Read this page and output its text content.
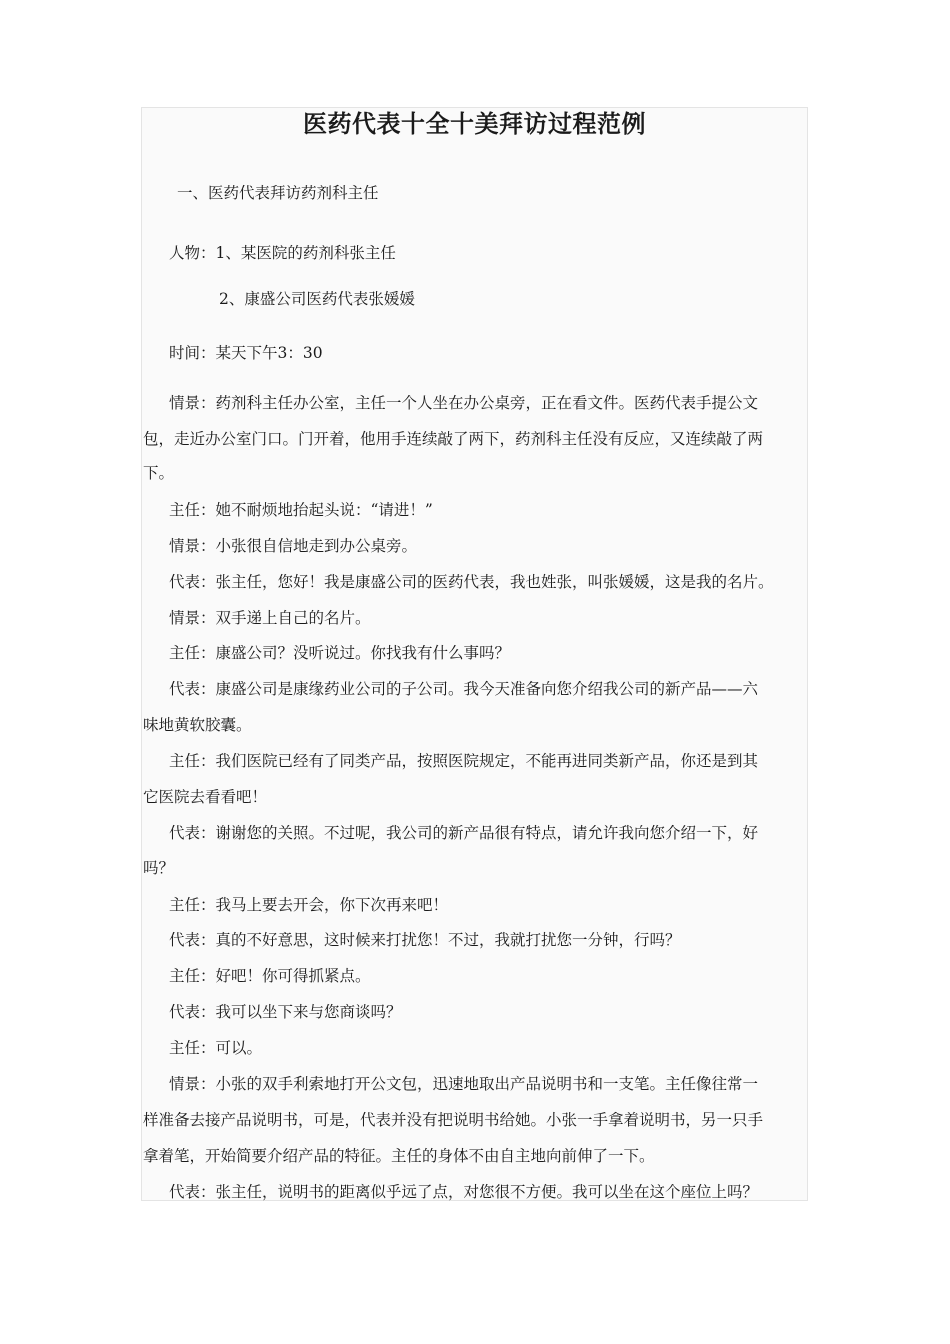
医药代表十全十美拜访过程范例
一、医药代表拜访药剂科主任
人物：1、某医院的药剂科张主任
2、康盛公司医药代表张媛媛
时间：某天下午3：30
情景：药剂科主任办公室，主任一个人坐在办公桌旁，正在看文件。医药代表手提公文
包，走近办公室门口。门开着，他用手连续敲了两下，药剂科主任没有反应，又连续敲了两
下。
主任：她不耐烦地抬起头说：“请进！”
情景：小张很自信地走到办公桌旁。
代表：张主任，您好！我是康盛公司的医药代表，我也姓张，叫张媛媛，这是我的名片。
情景：双手递上自己的名片。
主任：康盛公司？没听说过。你找我有什么事吗？
代表：康盛公司是康缘药业公司的子公司。我今天准备向您介绍我公司的新产品——六
味地黄软胶囊。
主任：我们医院已经有了同类产品，按照医院规定，不能再进同类新产品，你还是到其
它医院去看看吧！
代表：谢谢您的关照。不过呢，我公司的新产品很有特点，请允许我向您介绍一下，好
吗？
主任：我马上要去开会，你下次再来吧！
代表：真的不好意思，这时候来打扰您！不过，我就打扰您一分钟，行吗？
主任：好吧！你可得抓紧点。
代表：我可以坐下来与您商谈吗？
主任：可以。
情景：小张的双手利索地打开公文包，迅速地取出产品说明书和一支笔。主任像往常一
样准备去接产品说明书，可是，代表并没有把说明书给她。小张一手拿着说明书，另一只手
拿着笔，开始简要介绍产品的特征。主任的身体不由自主地向前伸了一下。
代表：张主任，说明书的距离似乎远了点，对您很不方便。我可以坐在这个座位上吗？
